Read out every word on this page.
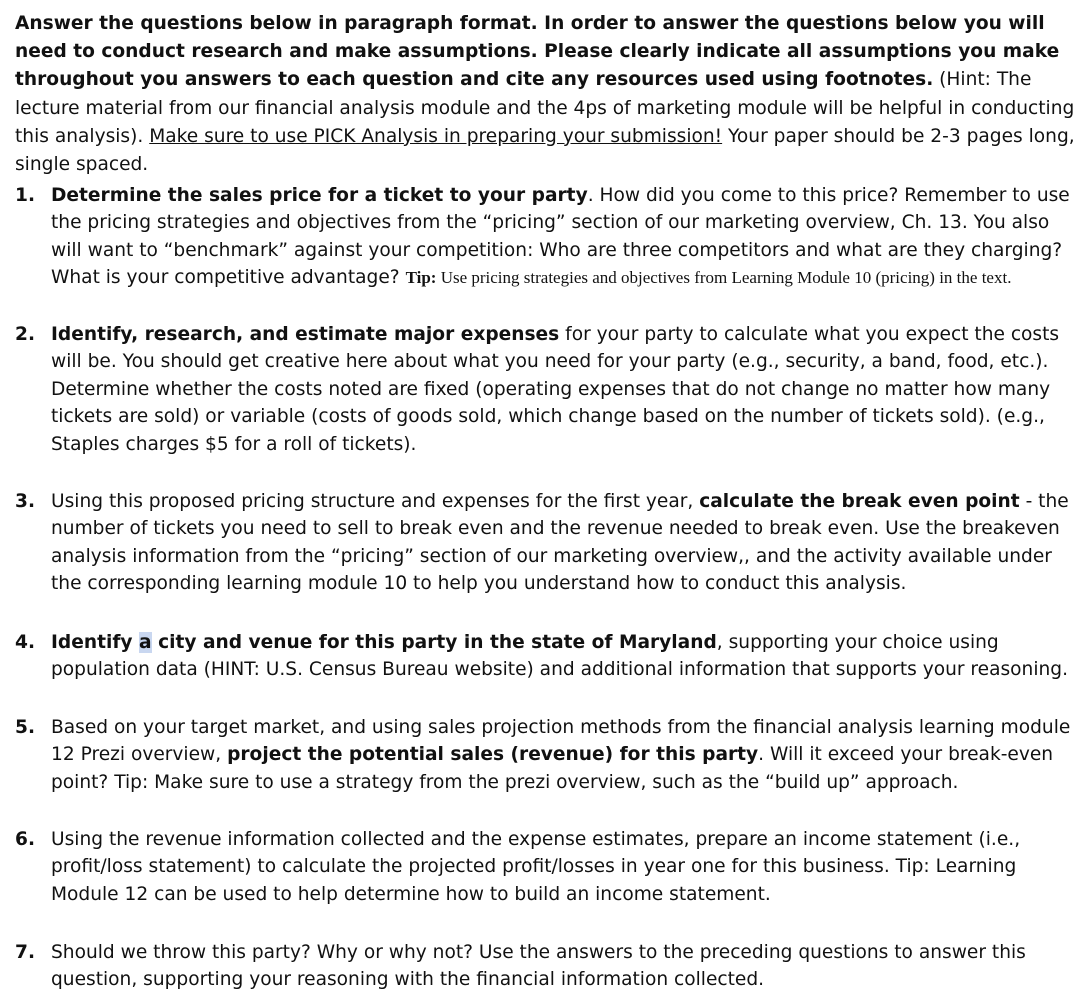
Answer the questions below in paragraph format. In order to answer the questions below you will need to conduct research and make assumptions. Please clearly indicate all assumptions you make throughout you answers to each question and cite any resources used using footnotes. (Hint: The lecture material from our financial analysis module and the 4ps of marketing module will be helpful in conducting this analysis). Make sure to use PICK Analysis in preparing your submission! Your paper should be 2-3 pages long, single spaced.

1. Determine the sales price for a ticket to your party. How did you come to this price? Remember to use the pricing strategies and objectives from the “pricing” section of our marketing overview, Ch. 13. You also will want to “benchmark” against your competition: Who are three competitors and what are they charging? What is your competitive advantage? Tip: Use pricing strategies and objectives from Learning Module 10 (pricing) in the text.
2. Identify, research, and estimate major expenses for your party to calculate what you expect the costs will be. You should get creative here about what you need for your party (e.g., security, a band, food, etc.). Determine whether the costs noted are fixed (operating expenses that do not change no matter how many tickets are sold) or variable (costs of goods sold, which change based on the number of tickets sold). (e.g., Staples charges $5 for a roll of tickets).
3. Using this proposed pricing structure and expenses for the first year, calculate the break even point - the number of tickets you need to sell to break even and the revenue needed to break even. Use the breakeven analysis information from the “pricing” section of our marketing overview,, and the activity available under the corresponding learning module 10 to help you understand how to conduct this analysis.
4. Identify a city and venue for this party in the state of Maryland, supporting your choice using population data (HINT: U.S. Census Bureau website) and additional information that supports your reasoning.
5. Based on your target market, and using sales projection methods from the financial analysis learning module 12 Prezi overview, project the potential sales (revenue) for this party. Will it exceed your break-even point? Tip: Make sure to use a strategy from the prezi overview, such as the “build up” approach.
6. Using the revenue information collected and the expense estimates, prepare an income statement (i.e., profit/loss statement) to calculate the projected profit/losses in year one for this business. Tip: Learning Module 12 can be used to help determine how to build an income statement.
7. Should we throw this party? Why or why not? Use the answers to the preceding questions to answer this question, supporting your reasoning with the financial information collected.
